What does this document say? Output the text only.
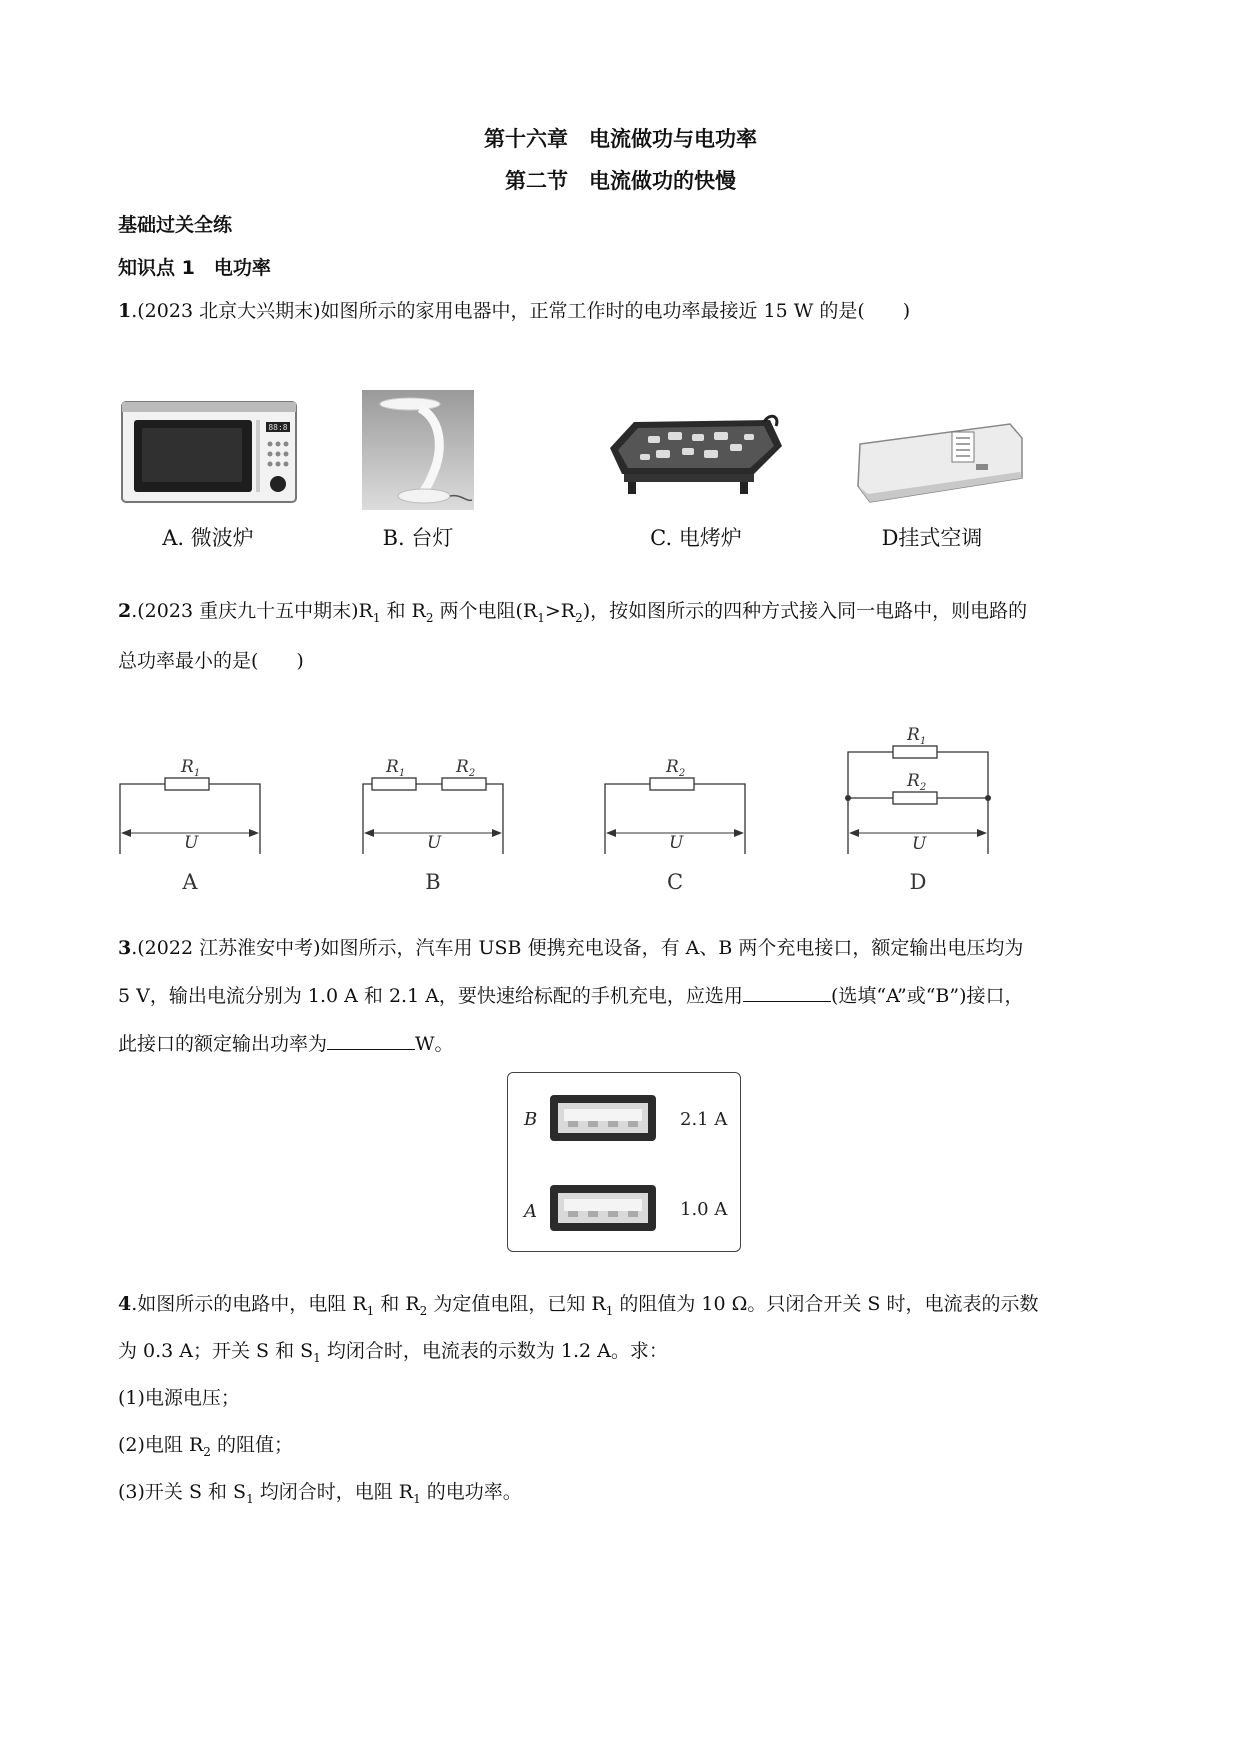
第十六章　电流做功与电功率
第二节　电流做功的快慢
基础过关全练
知识点 1　电功率
1.(2023 北京大兴期末)如图所示的家用电器中，正常工作时的电功率最接近 15 W 的是(　　)
88:8
A. 微波炉	B. 台灯	C. 电烤炉	D挂式空调
2.(2023 重庆九十五中期末)$R_1$ 和 $R_2$ 两个电阻$(R_1>R_2)$，按如图所示的四种方式接入同一电路中，则电路的
总功率最小的是(　　)
$R_1$
U
A
$R_1$	$R_2$
U
B
$R_2$
U
C
$R_1$
$R_2$
U
D
3.(2022 江苏淮安中考)如图所示，汽车用 USB 便携充电设备，有 A、B 两个充电接口，额定输出电压均为
5 V，输出电流分别为 1.0 A 和 2.1 A，要快速给标配的手机充电，应选用	(选填“A”或“B”)接口，
此接口的额定输出功率为	W。
B	2.1 A
A	1.0 A
4.如图所示的电路中，电阻 $R_1$ 和 $R_2$ 为定值电阻，已知 $R_1$ 的阻值为 10 Ω。只闭合开关 S 时，电流表的示数
为 0.3 A；开关 S 和 $S_1$ 均闭合时，电流表的示数为 1.2 A。求：
(1)电源电压；
(2)电阻 $R_2$ 的阻值；
(3)开关 S 和 $S_1$ 均闭合时，电阻 $R_1$ 的电功率。
